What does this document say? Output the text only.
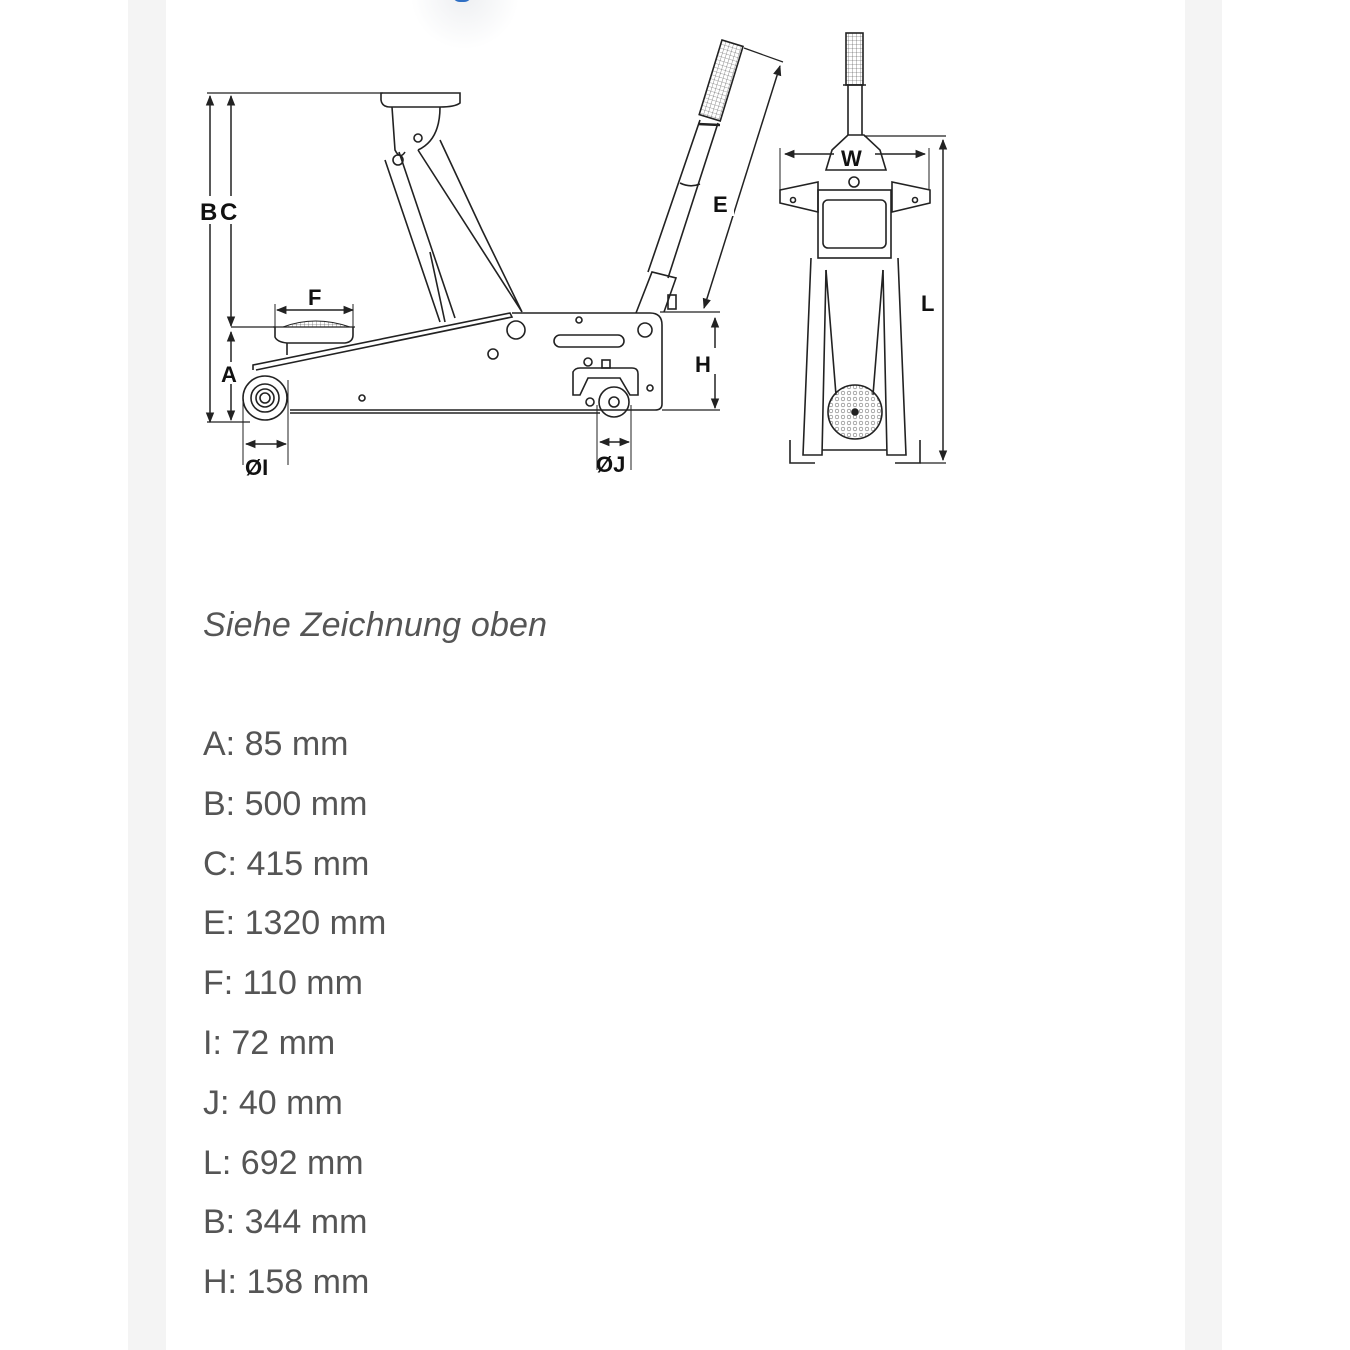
B C
F
A
E
H
ØI	ØJ
W
L
Siehe Zeichnung oben
A: 85 mm
B: 500 mm
C: 415 mm
E: 1320 mm
F: 110 mm
I: 72 mm
J: 40 mm
L: 692 mm
B: 344 mm
H: 158 mm
